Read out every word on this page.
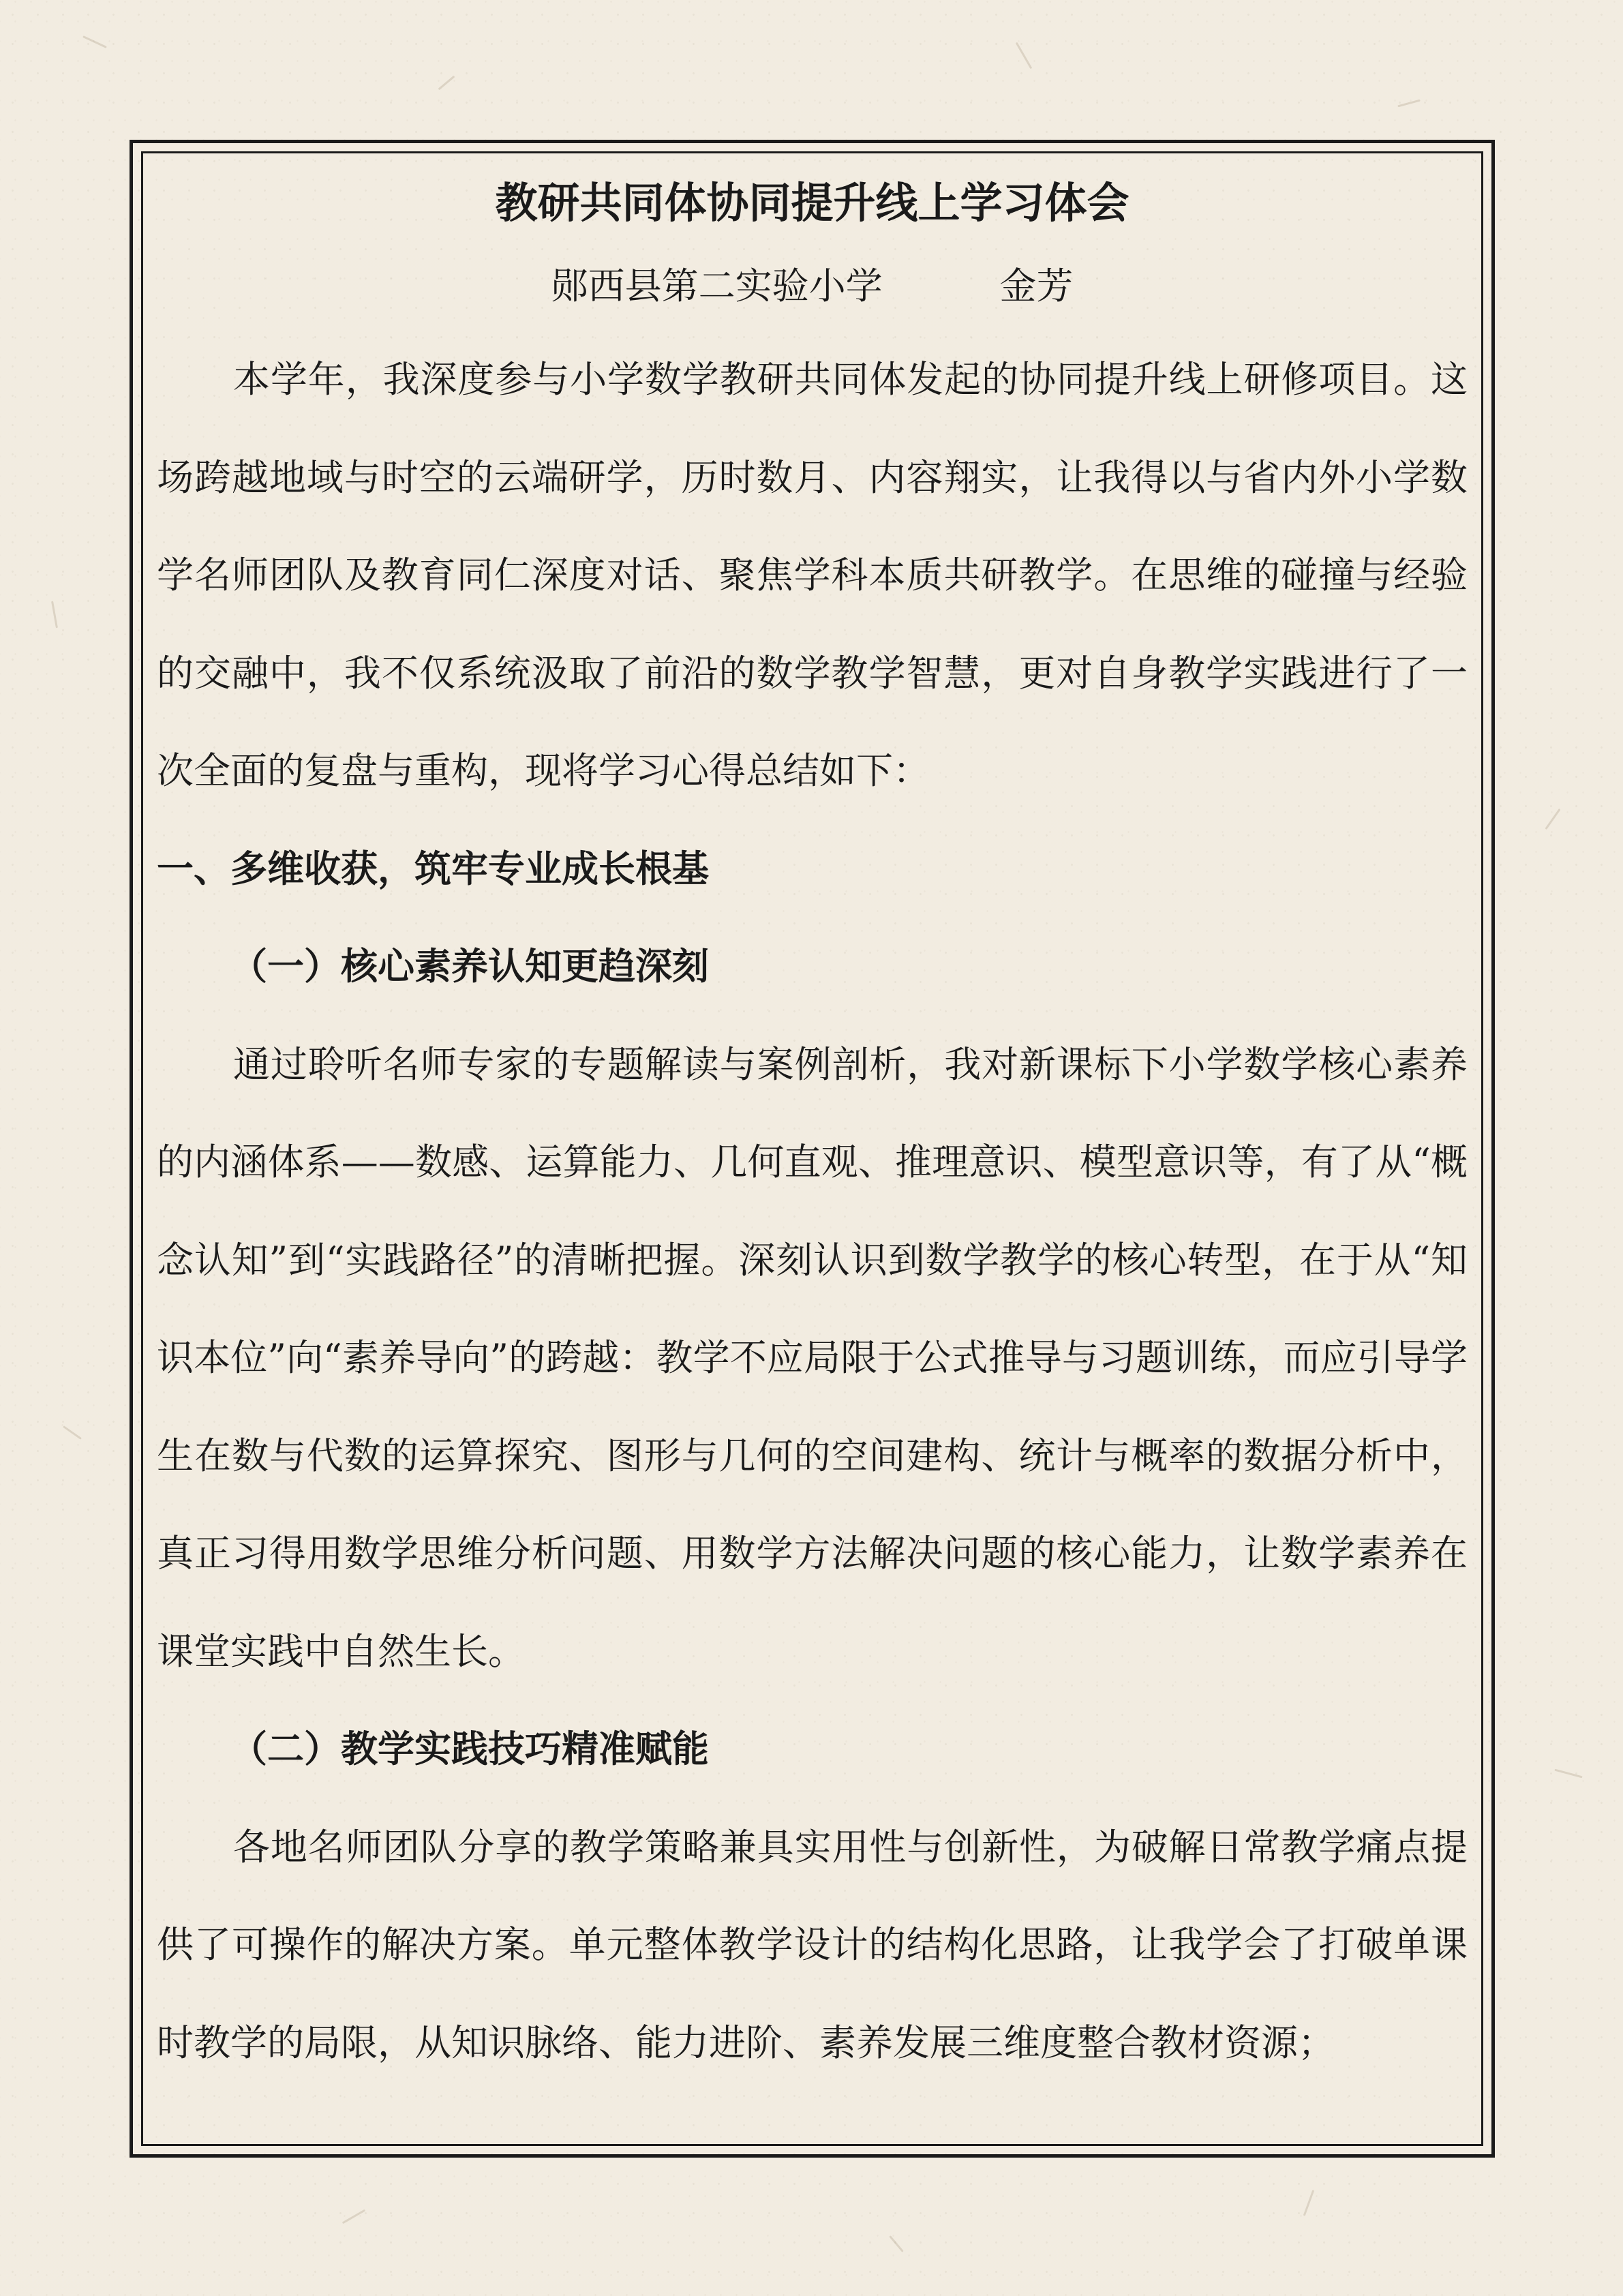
教研共同体协同提升线上学习体会

郧西县第二实验小学          金芳

本学年，我深度参与小学数学教研共同体发起的协同提升线上研修项目。这场跨越地域与时空的云端研学，历时数月、内容翔实，让我得以与省内外小学数学名师团队及教育同仁深度对话、聚焦学科本质共研教学。在思维的碰撞与经验的交融中，我不仅系统汲取了前沿的数学教学智慧，更对自身教学实践进行了一次全面的复盘与重构，现将学习心得总结如下：

一、多维收获，筑牢专业成长根基

（一）核心素养认知更趋深刻

通过聆听名师专家的专题解读与案例剖析，我对新课标下小学数学核心素养的内涵体系——数感、运算能力、几何直观、推理意识、模型意识等，有了从“概念认知”到“实践路径”的清晰把握。深刻认识到数学教学的核心转型，在于从“知识本位”向“素养导向”的跨越：教学不应局限于公式推导与习题训练，而应引导学生在数与代数的运算探究、图形与几何的空间建构、统计与概率的数据分析中，真正习得用数学思维分析问题、用数学方法解决问题的核心能力，让数学素养在课堂实践中自然生长。

（二）教学实践技巧精准赋能

各地名师团队分享的教学策略兼具实用性与创新性，为破解日常教学痛点提供了可操作的解决方案。单元整体教学设计的结构化思路，让我学会了打破单课时教学的局限，从知识脉络、能力进阶、素养发展三维度整合教材资源；
